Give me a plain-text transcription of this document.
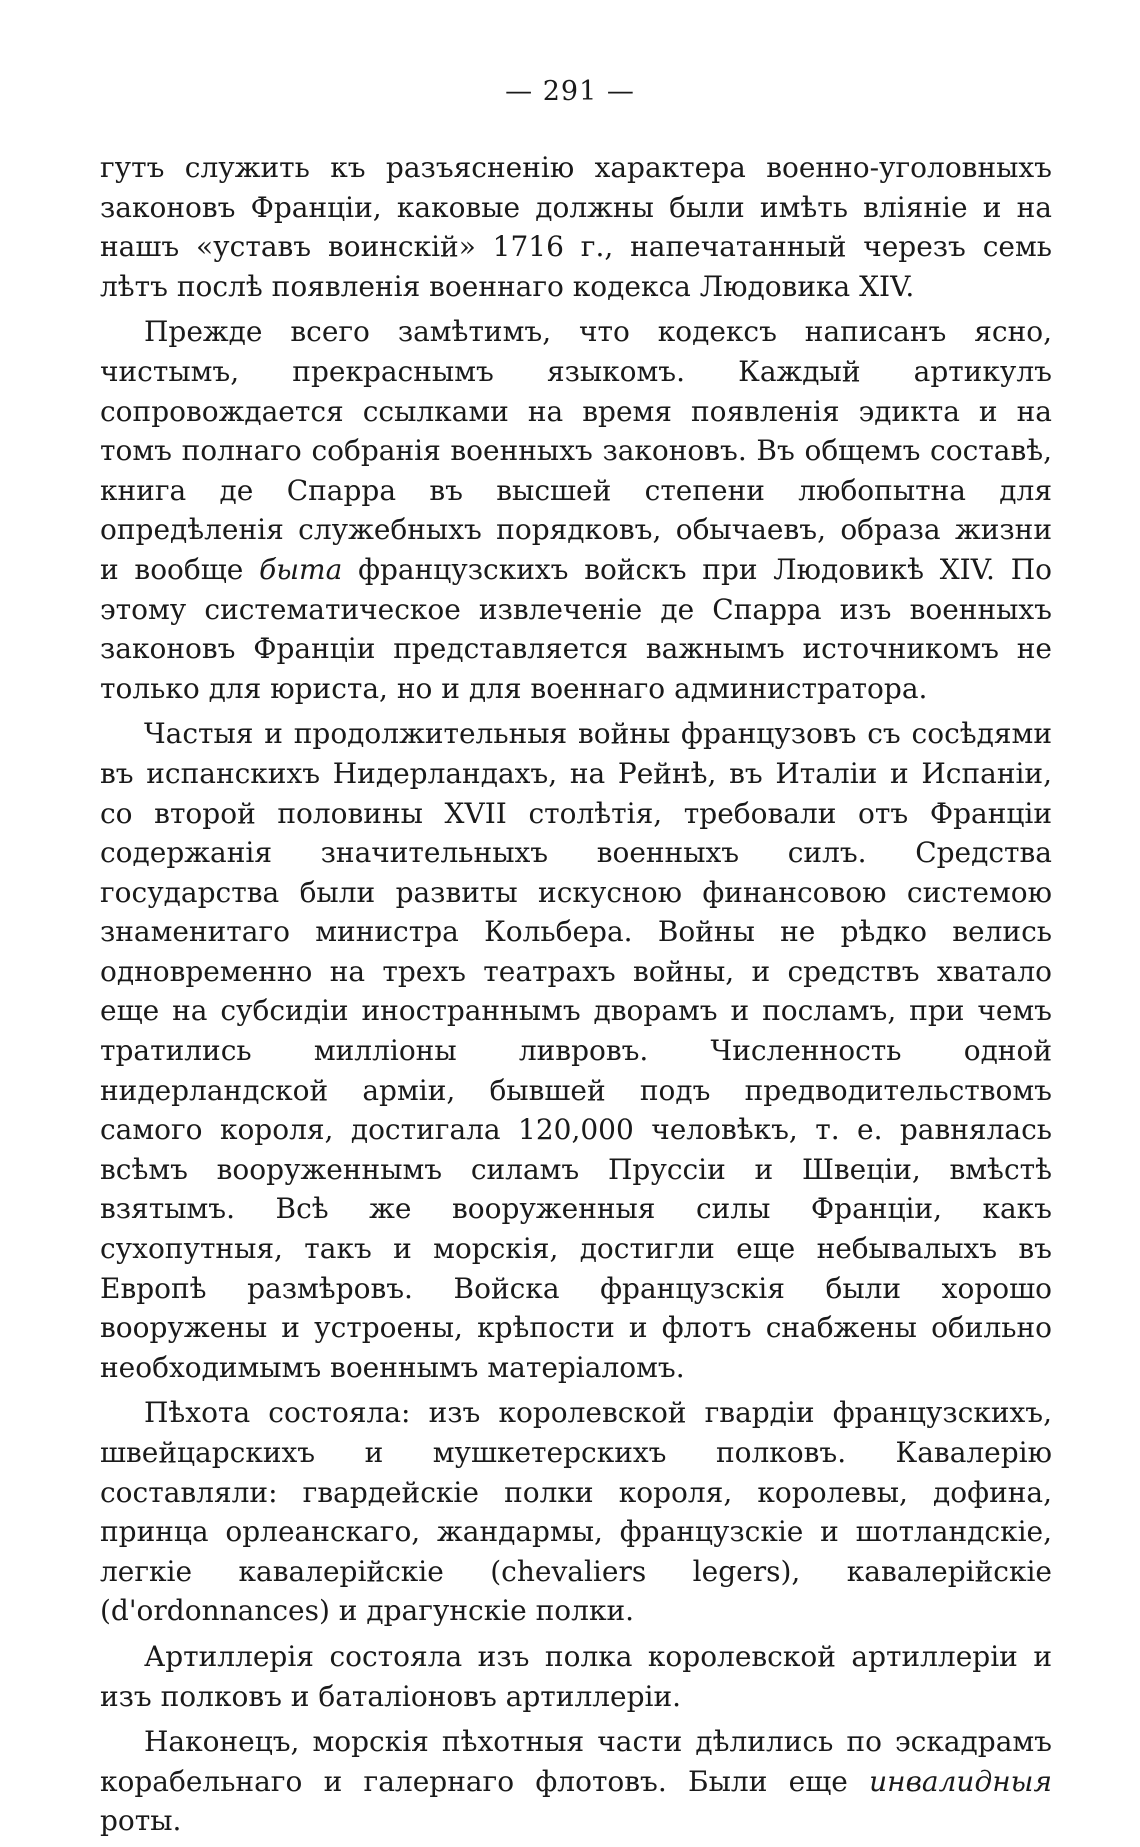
— 291 —

гутъ служить къ разъясненію характера военно-уголовныхъ законовъ Франціи, каковые должны были имѣть вліяніе и на нашъ «уставъ воинскій» 1716 г., напечатанный черезъ семь лѣтъ послѣ появленія военнаго кодекса Людовика XIV.

Прежде всего замѣтимъ, что кодексъ написанъ ясно, чистымъ, прекраснымъ языкомъ. Каждый артикулъ сопровождается ссылками на время появленія эдикта и на томъ полнаго собранія военныхъ законовъ. Въ общемъ составѣ, книга де Спарра въ высшей степени любопытна для опредѣленія служебныхъ порядковъ, обычаевъ, образа жизни и вообще быта французскихъ войскъ при Людовикѣ XIV. По этому систематическое извлеченіе де Спарра изъ военныхъ законовъ Франціи представляется важнымъ источникомъ не только для юриста, но и для военнаго администратора.

Частыя и продолжительныя войны французовъ съ сосѣдями въ испанскихъ Нидерландахъ, на Рейнѣ, въ Италіи и Испаніи, со второй половины XVII столѣтія, требовали отъ Франціи содержанія значительныхъ военныхъ силъ. Средства государства были развиты искусною финансовою системою знаменитаго министра Кольбера. Войны не рѣдко велись одновременно на трехъ театрахъ войны, и средствъ хватало еще на субсидіи иностраннымъ дворамъ и посламъ, при чемъ тратились милліоны ливровъ. Численность одной нидерландской арміи, бывшей подъ предводительствомъ самого короля, достигала 120,000 человѣкъ, т. е. равнялась всѣмъ вооруженнымъ силамъ Пруссіи и Швеціи, вмѣстѣ взятымъ. Всѣ же вооруженныя силы Франціи, какъ сухопутныя, такъ и морскія, достигли еще небывалыхъ въ Европѣ размѣровъ. Войска французскія были хорошо вооружены и устроены, крѣпости и флотъ снабжены обильно необходимымъ военнымъ матеріаломъ.

Пѣхота состояла: изъ королевской гвардіи французскихъ, швейцарскихъ и мушкетерскихъ полковъ. Кавалерію составляли: гвардейскіе полки короля, королевы, дофина, принца орлеанскаго, жандармы, французскіе и шотландскіе, легкіе кавалерійскіе (chevaliers legers), кавалерійскіе (d'ordonnances) и драгунскіе полки.

Артиллерія состояла изъ полка королевской артиллеріи и изъ полковъ и баталіоновъ артиллеріи.

Наконецъ, морскія пѣхотныя части дѣлились по эскадрамъ корабельнаго и галернаго флотовъ. Были еще инвалидныя роты.
